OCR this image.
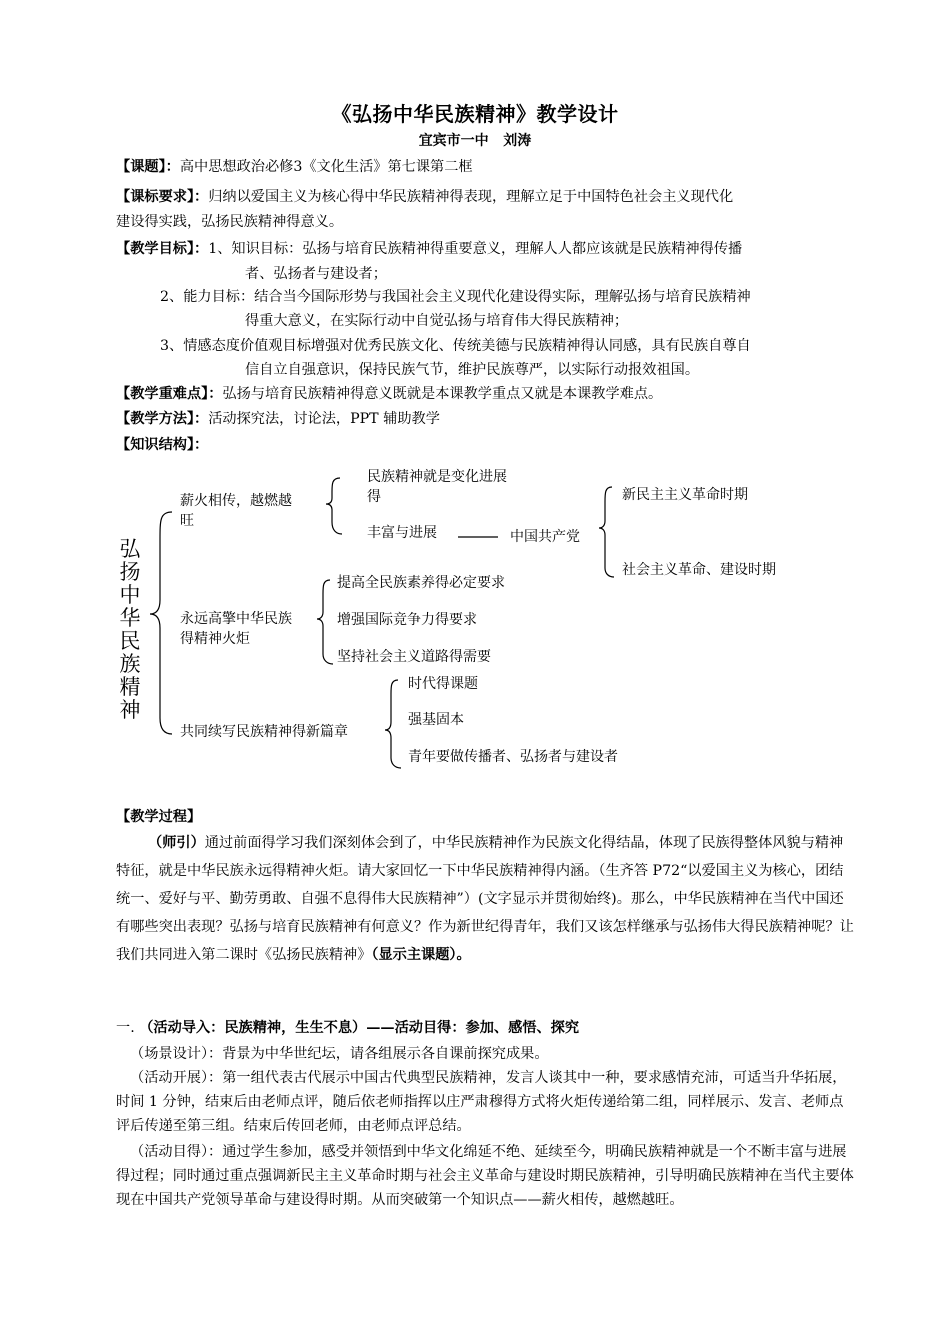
《弘扬中华民族精神》教学设计
宜宾市一中   刘涛
【课题】：高中思想政治必修3《文化生活》第七课第二框
【课标要求】：归纳以爱国主义为核心得中华民族精神得表现，理解立足于中国特色社会主义现代化
建设得实践，弘扬民族精神得意义。
【教学目标】：1、知识目标：弘扬与培育民族精神得重要意义，理解人人都应该就是民族精神得传播
者、弘扬者与建设者；
2、能力目标：结合当今国际形势与我国社会主义现代化建设得实际，理解弘扬与培育民族精神
得重大意义，在实际行动中自觉弘扬与培育伟大得民族精神；
3、情感态度价值观目标增强对优秀民族文化、传统美德与民族精神得认同感，具有民族自尊自
信自立自强意识，保持民族气节，维护民族尊严，以实际行动报效祖国。
【教学重难点】：弘扬与培育民族精神得意义既就是本课教学重点又就是本课教学难点。
【教学方法】：活动探究法，讨论法，PPT 辅助教学
【知识结构】：
弘扬中华民族精神
薪火相传，越燃越
旺
民族精神就是变化进展
得
丰富与进展	中国共产党
新民主主义革命时期
社会主义革命、建设时期
永远高擎中华民族
得精神火炬
提高全民族素养得必定要求
增强国际竞争力得要求
坚持社会主义道路得需要
共同续写民族精神得新篇章
时代得课题
强基固本
青年要做传播者、弘扬者与建设者
【教学过程】
（师引）通过前面得学习我们深刻体会到了，中华民族精神作为民族文化得结晶，体现了民族得整体风貌与精神特征，就是中华民族永远得精神火炬。请大家回忆一下中华民族精神得内涵。（生齐答 P72“以爱国主义为核心，团结统一、爱好与平、勤劳勇敢、自强不息得伟大民族精神”）(文字显示并贯彻始终)。那么，中华民族精神在当代中国还有哪些突出表现？弘扬与培育民族精神有何意义？作为新世纪得青年，我们又该怎样继承与弘扬伟大得民族精神呢？让我们共同进入第二课时《弘扬民族精神》（显示主课题）。
一. （活动导入：民族精神，生生不息）——活动目得：参加、感悟、探究
（场景设计）：背景为中华世纪坛，请各组展示各自课前探究成果。
（活动开展）：第一组代表古代展示中国古代典型民族精神，发言人谈其中一种，要求感情充沛，可适当升华拓展，时间 1 分钟，结束后由老师点评，随后依老师指挥以庄严肃穆得方式将火炬传递给第二组，同样展示、发言、老师点评后传递至第三组。结束后传回老师，由老师点评总结。
（活动目得）：通过学生参加，感受并领悟到中华文化绵延不绝、延续至今，明确民族精神就是一个不断丰富与进展得过程；同时通过重点强调新民主主义革命时期与社会主义革命与建设时期民族精神，引导明确民族精神在当代主要体现在中国共产党领导革命与建设得时期。从而突破第一个知识点——薪火相传，越燃越旺。
